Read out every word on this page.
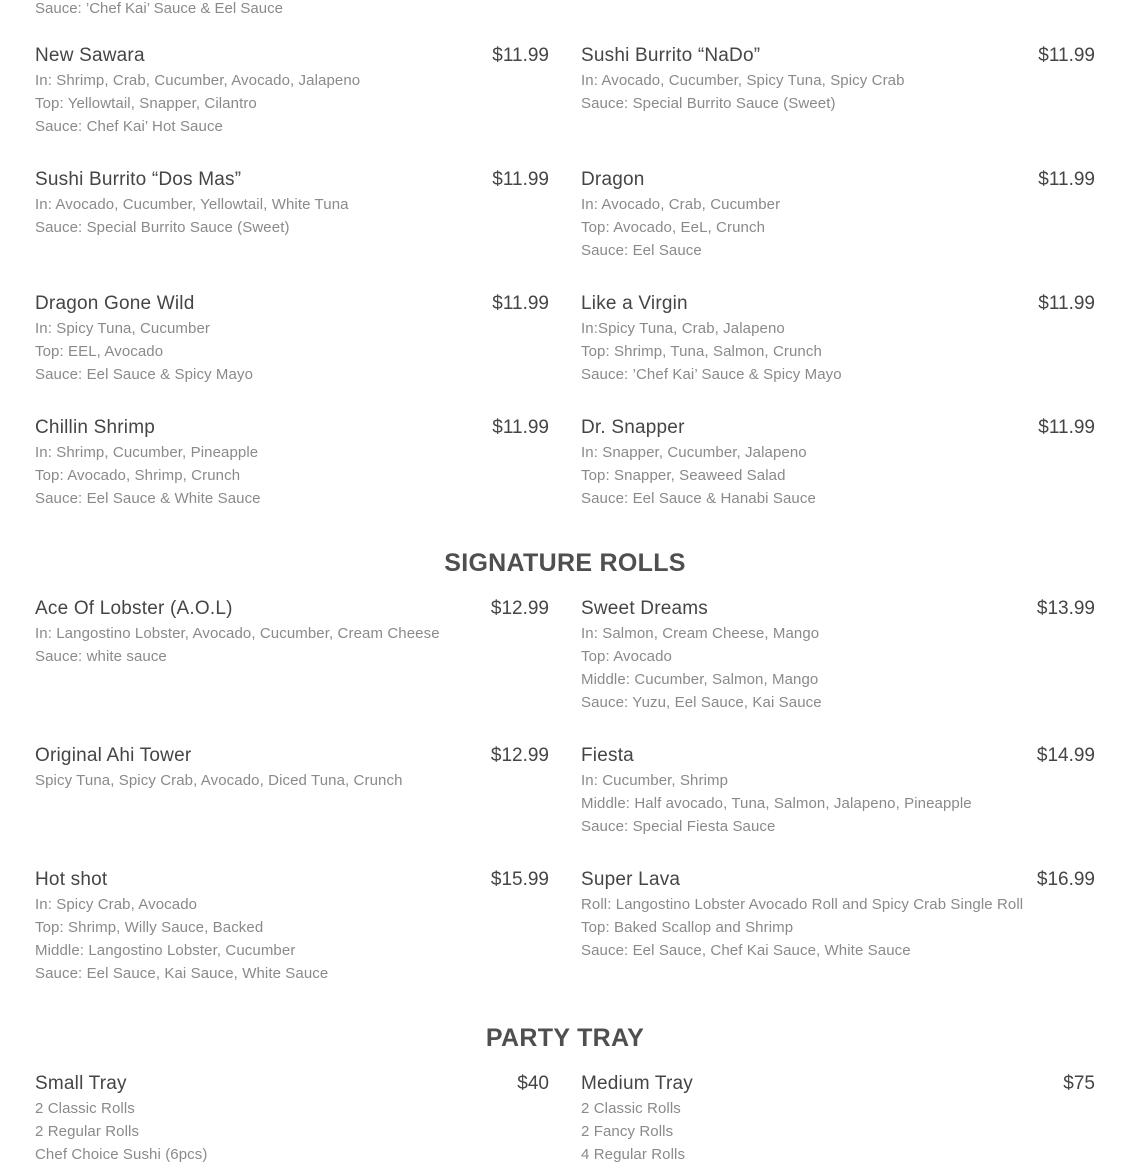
Sauce: ’Chef Kai’ Sauce & Eel Sauce
New Sawara	$11.99
In: Shrimp, Crab, Cucumber, Avocado, Jalapeno
Top: Yellowtail, Snapper, Cilantro
Sauce: Chef Kai’ Hot Sauce
Sushi Burrito “NaDo”	$11.99
In: Avocado, Cucumber, Spicy Tuna, Spicy Crab
Sauce: Special Burrito Sauce (Sweet)
Sushi Burrito “Dos Mas”	$11.99
In: Avocado, Cucumber, Yellowtail, White Tuna
Sauce: Special Burrito Sauce (Sweet)
Dragon	$11.99
In: Avocado, Crab, Cucumber
Top: Avocado, EeL, Crunch
Sauce: Eel Sauce
Dragon Gone Wild	$11.99
In: Spicy Tuna, Cucumber
Top: EEL, Avocado
Sauce: Eel Sauce & Spicy Mayo
Like a Virgin	$11.99
In:Spicy Tuna, Crab, Jalapeno
Top: Shrimp, Tuna, Salmon, Crunch
Sauce: ’Chef Kai’ Sauce & Spicy Mayo
Chillin Shrimp	$11.99
In: Shrimp, Cucumber, Pineapple
Top: Avocado, Shrimp, Crunch
Sauce: Eel Sauce & White Sauce
Dr. Snapper	$11.99
In: Snapper, Cucumber, Jalapeno
Top: Snapper, Seaweed Salad
Sauce: Eel Sauce & Hanabi Sauce
SIGNATURE ROLLS
Ace Of Lobster (A.O.L)	$12.99
In: Langostino Lobster, Avocado, Cucumber, Cream Cheese
Sauce: white sauce
Sweet Dreams	$13.99
In: Salmon, Cream Cheese, Mango
Top: Avocado
Middle: Cucumber, Salmon, Mango
Sauce: Yuzu, Eel Sauce, Kai Sauce
Original Ahi Tower	$12.99
Spicy Tuna, Spicy Crab, Avocado, Diced Tuna, Crunch
Fiesta	$14.99
In: Cucumber, Shrimp
Middle: Half avocado, Tuna, Salmon, Jalapeno, Pineapple
Sauce: Special Fiesta Sauce
Hot shot	$15.99
In: Spicy Crab, Avocado
Top: Shrimp, Willy Sauce, Backed
Middle: Langostino Lobster, Cucumber
Sauce: Eel Sauce, Kai Sauce, White Sauce
Super Lava	$16.99
Roll: Langostino Lobster Avocado Roll and Spicy Crab Single Roll
Top: Baked Scallop and Shrimp
Sauce: Eel Sauce, Chef Kai Sauce, White Sauce
PARTY TRAY
Small Tray	$40
2 Classic Rolls
2 Regular Rolls
Chef Choice Sushi (6pcs)
Medium Tray	$75
2 Classic Rolls
2 Fancy Rolls
4 Regular Rolls
